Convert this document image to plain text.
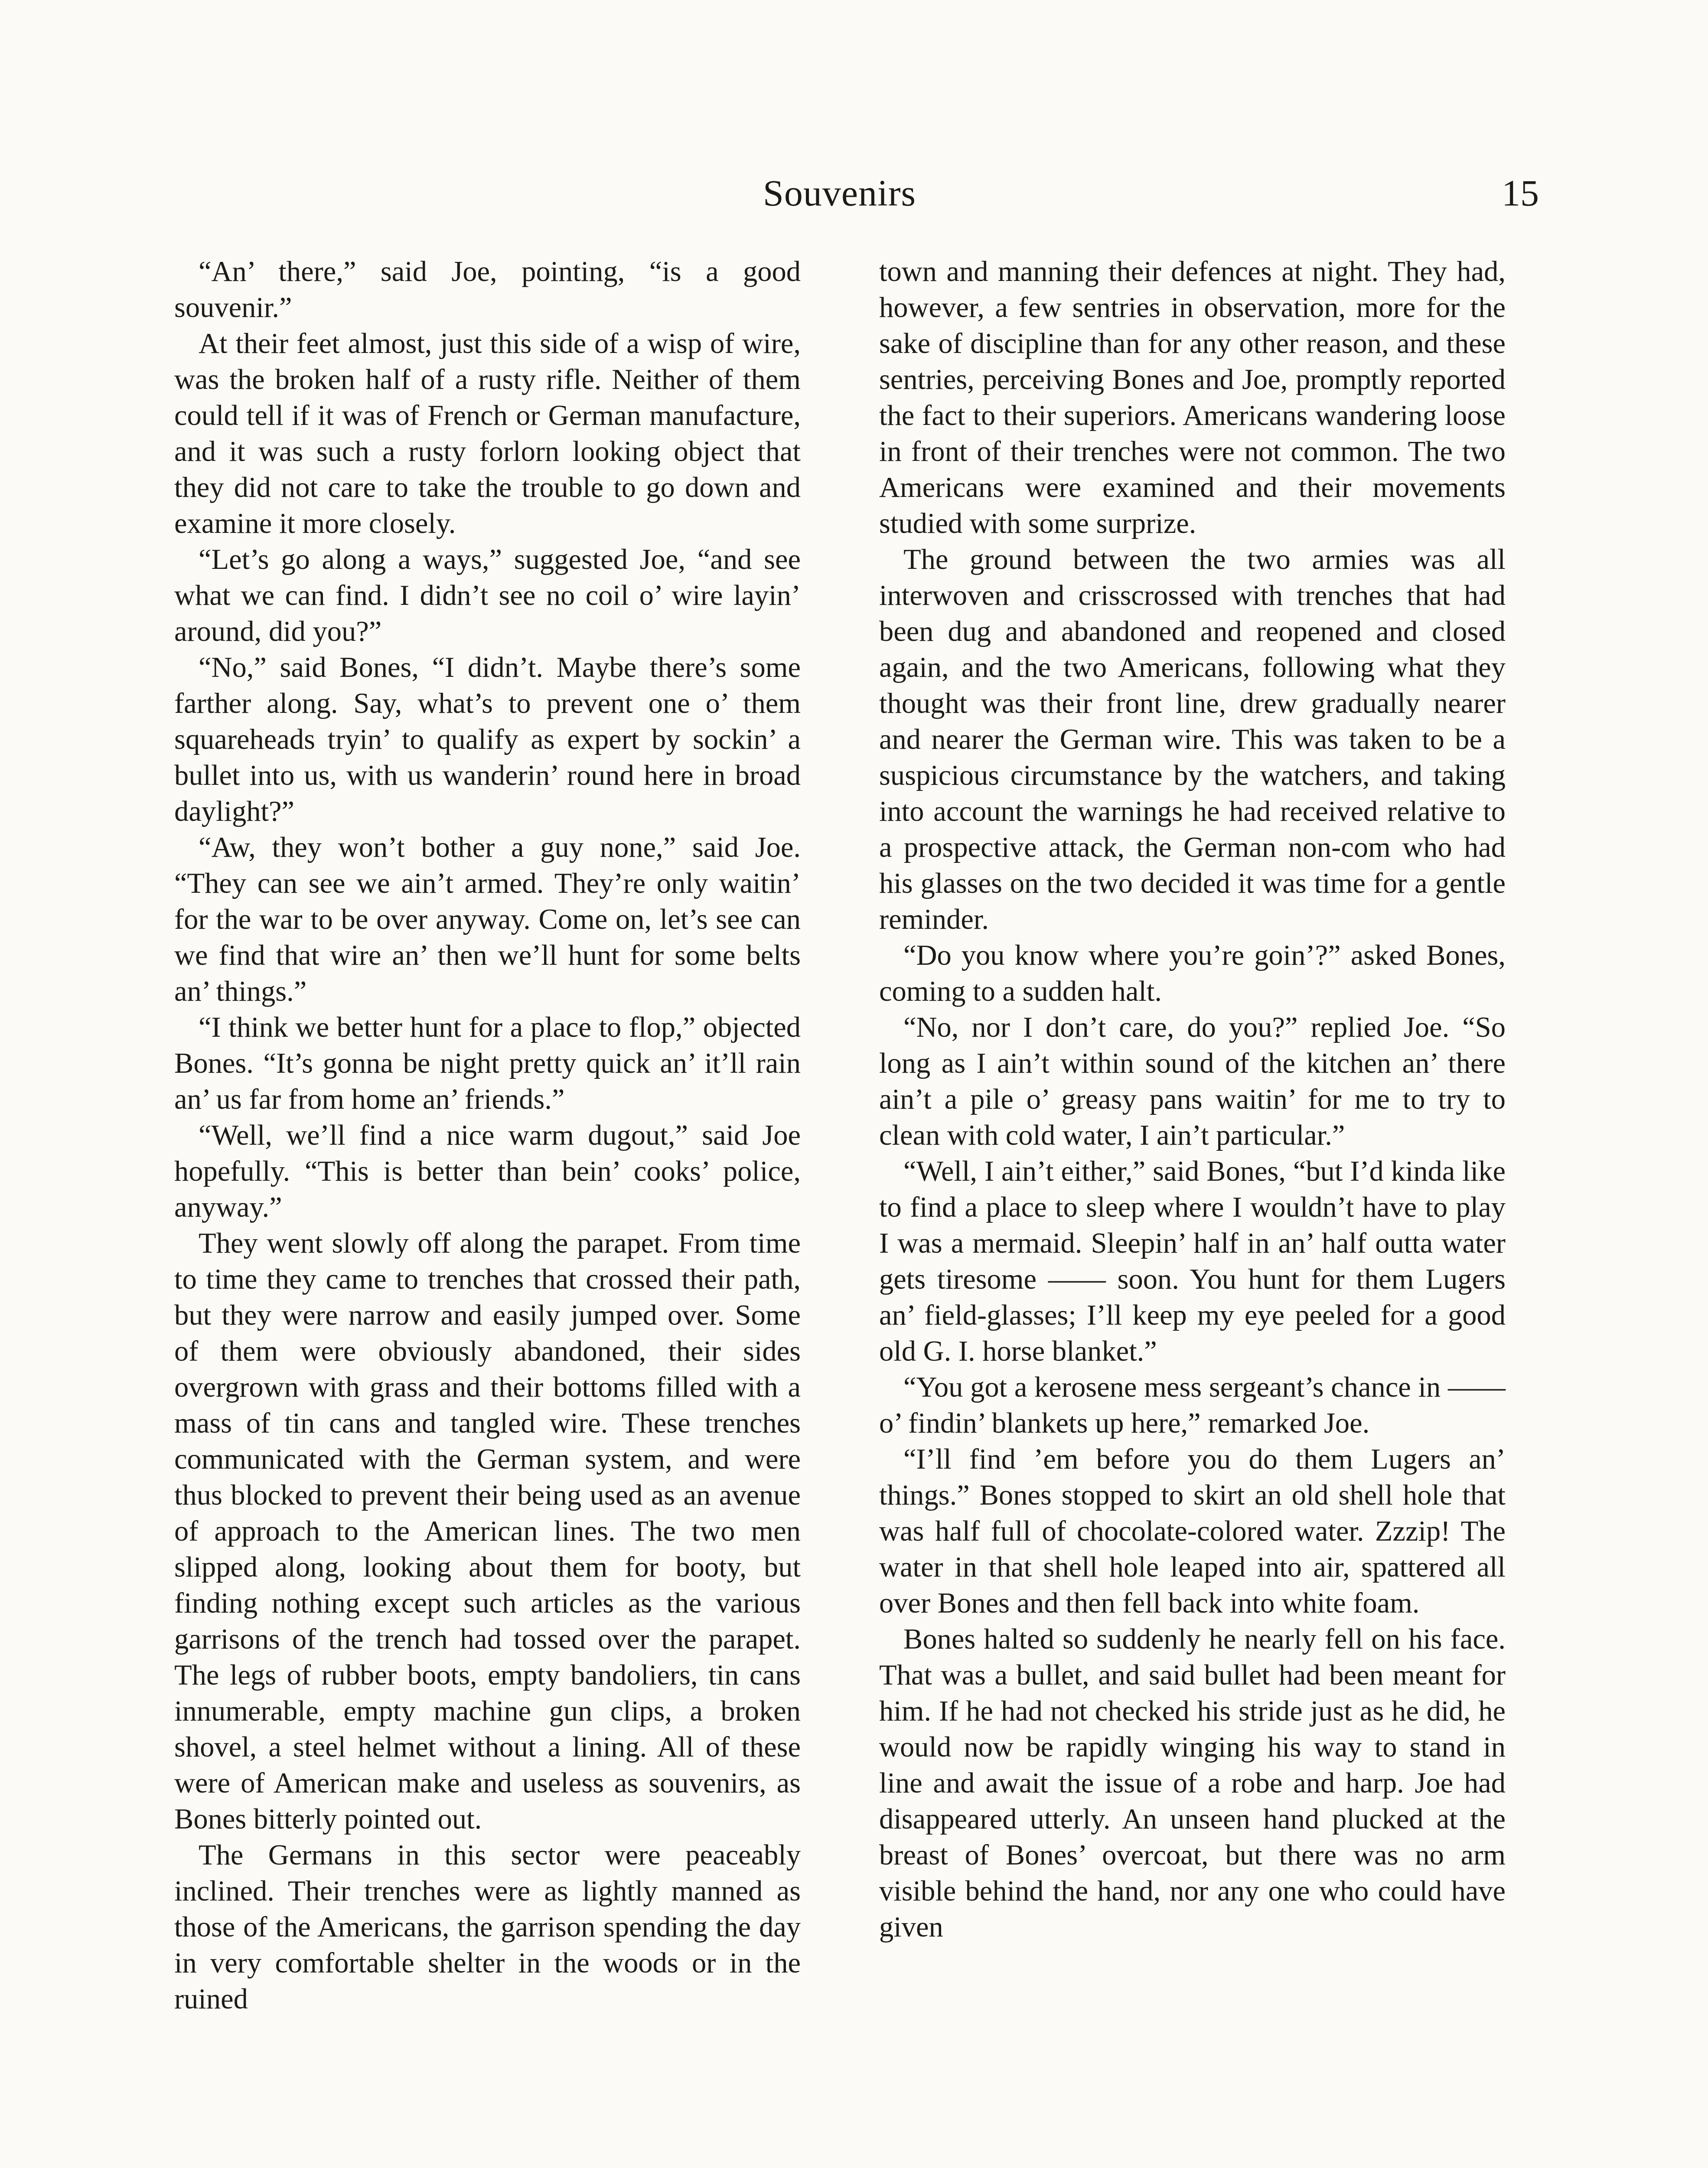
Souvenirs	15

“An’ there,” said Joe, pointing, “is a good souvenir.”

At their feet almost, just this side of a wisp of wire, was the broken half of a rusty rifle. Neither of them could tell if it was of French or German manufacture, and it was such a rusty forlorn looking object that they did not care to take the trouble to go down and examine it more closely.

“Let’s go along a ways,” suggested Joe, “and see what we can find. I didn’t see no coil o’ wire layin’ around, did you?”

“No,” said Bones, “I didn’t. Maybe there’s some farther along. Say, what’s to prevent one o’ them squareheads tryin’ to qualify as expert by sockin’ a bullet into us, with us wanderin’ round here in broad daylight?”

“Aw, they won’t bother a guy none,” said Joe. “They can see we ain’t armed. They’re only waitin’ for the war to be over anyway. Come on, let’s see can we find that wire an’ then we’ll hunt for some belts an’ things.”

“I think we better hunt for a place to flop,” objected Bones. “It’s gonna be night pretty quick an’ it’ll rain an’ us far from home an’ friends.”

“Well, we’ll find a nice warm dugout,” said Joe hopefully. “This is better than bein’ cooks’ police, anyway.”

They went slowly off along the parapet. From time to time they came to trenches that crossed their path, but they were narrow and easily jumped over. Some of them were obviously abandoned, their sides overgrown with grass and their bottoms filled with a mass of tin cans and tangled wire. These trenches communicated with the German system, and were thus blocked to prevent their being used as an avenue of approach to the American lines. The two men slipped along, looking about them for booty, but finding nothing except such articles as the various garrisons of the trench had tossed over the parapet. The legs of rubber boots, empty bandoliers, tin cans innumerable, empty machine gun clips, a broken shovel, a steel helmet without a lining. All of these were of American make and useless as souvenirs, as Bones bitterly pointed out.

The Germans in this sector were peaceably inclined. Their trenches were as lightly manned as those of the Americans, the garrison spending the day in very comfortable shelter in the woods or in the ruined

town and manning their defences at night. They had, however, a few sentries in observation, more for the sake of discipline than for any other reason, and these sentries, perceiving Bones and Joe, promptly reported the fact to their superiors. Americans wandering loose in front of their trenches were not common. The two Americans were examined and their movements studied with some surprize.

The ground between the two armies was all interwoven and crisscrossed with trenches that had been dug and abandoned and reopened and closed again, and the two Americans, following what they thought was their front line, drew gradually nearer and nearer the German wire. This was taken to be a suspicious circumstance by the watchers, and taking into account the warnings he had received relative to a prospective attack, the German non-com who had his glasses on the two decided it was time for a gentle reminder.

“Do you know where you’re goin’?” asked Bones, coming to a sudden halt.

“No, nor I don’t care, do you?” replied Joe. “So long as I ain’t within sound of the kitchen an’ there ain’t a pile o’ greasy pans waitin’ for me to try to clean with cold water, I ain’t particular.”

“Well, I ain’t either,” said Bones, “but I’d kinda like to find a place to sleep where I wouldn’t have to play I was a mermaid. Sleepin’ half in an’ half outta water gets tiresome —— soon. You hunt for them Lugers an’ field-glasses; I’ll keep my eye peeled for a good old G. I. horse blanket.”

“You got a kerosene mess sergeant’s chance in —— o’ findin’ blankets up here,” remarked Joe.

“I’ll find ’em before you do them Lugers an’ things.” Bones stopped to skirt an old shell hole that was half full of chocolate-colored water. Zzzip! The water in that shell hole leaped into air, spattered all over Bones and then fell back into white foam.

Bones halted so suddenly he nearly fell on his face. That was a bullet, and said bullet had been meant for him. If he had not checked his stride just as he did, he would now be rapidly winging his way to stand in line and await the issue of a robe and harp. Joe had disappeared utterly. An unseen hand plucked at the breast of Bones’ overcoat, but there was no arm visible behind the hand, nor any one who could have given
